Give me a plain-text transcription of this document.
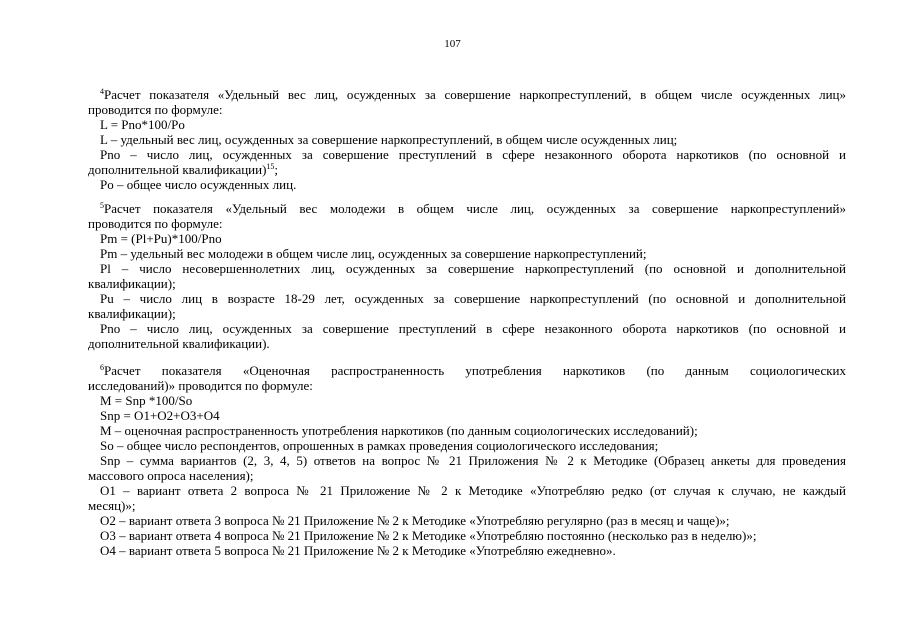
107

$^4$Расчет показателя «Удельный вес лиц, осужденных за совершение наркопреступлений, в общем числе осужденных лиц»

проводится по формуле:

L = Pno*100/Po

L – удельный вес лиц, осужденных за совершение наркопреступлений, в общем числе осужденных лиц;

Pno – число лиц, осужденных за совершение преступлений в сфере незаконного оборота наркотиков (по основной и

дополнительной квалификации)$^{15}$;

Po – общее число осужденных лиц.

$^5$Расчет показателя «Удельный вес молодежи в общем числе лиц, осужденных за совершение наркопреступлений»

проводится по формуле:

Pm = (Pl+Pu)*100/Pno

Pm – удельный вес молодежи в общем числе лиц, осужденных за совершение наркопреступлений;

Pl – число несовершеннолетних лиц, осужденных за совершение наркопреступлений (по основной и дополнительной

квалификации);

Pu – число лиц в возрасте 18-29 лет, осужденных за совершение наркопреступлений (по основной и дополнительной

квалификации);

Pno – число лиц, осужденных за совершение преступлений в сфере незаконного оборота наркотиков (по основной и

дополнительной квалификации).

$^6$Расчет показателя «Оценочная распространенность употребления наркотиков (по данным социологических

исследований)» проводится по формуле:

M = Snp *100/So

Snp = O1+O2+O3+O4

M – оценочная распространенность употребления наркотиков (по данным социологических исследований);

So – общее число респондентов, опрошенных в рамках проведения социологического исследования;

Snp – сумма вариантов (2, 3, 4, 5) ответов на вопрос № 21 Приложения № 2 к Методике (Образец анкеты для проведения

массового опроса населения);

O1 – вариант ответа 2 вопроса № 21 Приложение № 2 к Методике «Употребляю редко (от случая к случаю, не каждый

месяц)»;

O2 – вариант ответа 3 вопроса № 21 Приложение № 2 к Методике «Употребляю регулярно (раз в месяц и чаще)»;

O3 – вариант ответа 4 вопроса № 21 Приложение № 2 к Методике «Употребляю постоянно (несколько раз в неделю)»;

O4 – вариант ответа 5 вопроса № 21 Приложение № 2 к Методике «Употребляю ежедневно».
